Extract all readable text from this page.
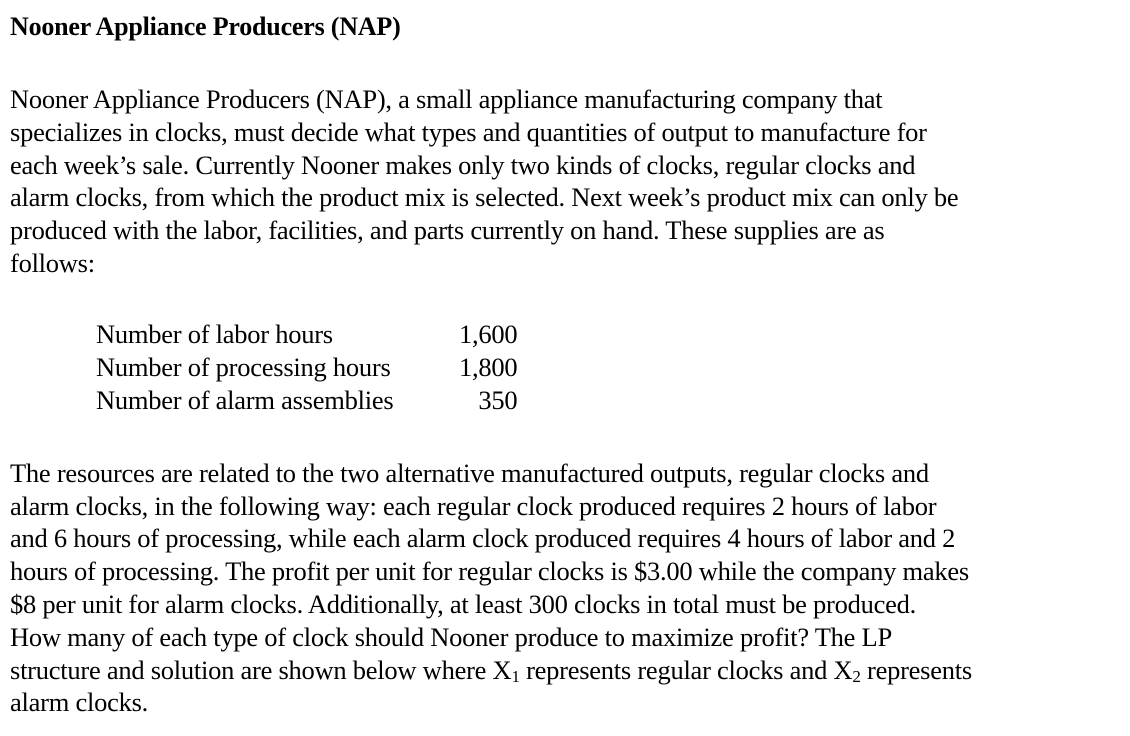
Nooner Appliance Producers (NAP)

Nooner Appliance Producers (NAP), a small appliance manufacturing company that
specializes in clocks, must decide what types and quantities of output to manufacture for
each week’s sale. Currently Nooner makes only two kinds of clocks, regular clocks and
alarm clocks, from which the product mix is selected. Next week’s product mix can only be
produced with the labor, facilities, and parts currently on hand. These supplies are as
follows:

Number of labor hours	1,600
Number of processing hours	1,800
Number of alarm assemblies	350

The resources are related to the two alternative manufactured outputs, regular clocks and
alarm clocks, in the following way: each regular clock produced requires 2 hours of labor
and 6 hours of processing, while each alarm clock produced requires 4 hours of labor and 2
hours of processing. The profit per unit for regular clocks is $3.00 while the company makes
$8 per unit for alarm clocks. Additionally, at least 300 clocks in total must be produced.
How many of each type of clock should Nooner produce to maximize profit? The LP
structure and solution are shown below where $X_1$ represents regular clocks and $X_2$ represents
alarm clocks.
